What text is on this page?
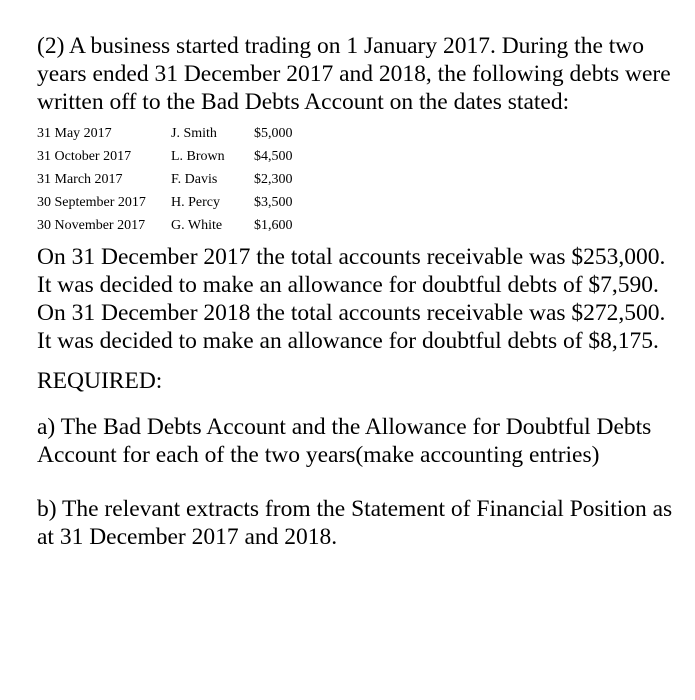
(2) A business started trading on 1 January 2017. During the two years ended 31 December 2017 and 2018, the following debts were written off to the Bad Debts Account on the dates stated:

31 May 2017	J. Smith	$5,000
31 October 2017	L. Brown	$4,500
31 March 2017	F. Davis	$2,300
30 September 2017	H. Percy	$3,500
30 November 2017	G. White	$1,600

On 31 December 2017 the total accounts receivable was $253,000. It was decided to make an allowance for doubtful debts of $7,590.

On 31 December 2018 the total accounts receivable was $272,500. It was decided to make an allowance for doubtful debts of $8,175.

REQUIRED:

a) The Bad Debts Account and the Allowance for Doubtful Debts Account for each of the two years(make accounting entries)

b) The relevant extracts from the Statement of Financial Position as at 31 December 2017 and 2018.
